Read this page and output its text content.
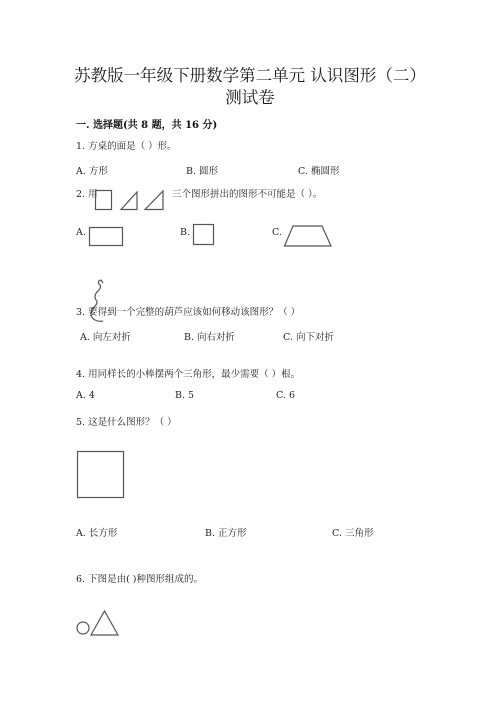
苏教版一年级下册数学第二单元 认识图形（二）
测试卷
一. 选择题(共 8 题，共 16 分)
1. 方桌的面是（ ）形。
A. 方形	B. 圆形	C. 椭圆形
2. 用	三个图形拼出的图形不可能是（ ）。
A.	B.	C.
3. 要得到一个完整的葫芦应该如何移动该图形？（ ）
A. 向左对折	B. 向右对折	C. 向下对折
4. 用同样长的小棒摆两个三角形，最少需要（ ）根。
A. 4	B. 5	C. 6
5. 这是什么图形？（ ）
A. 长方形	B. 正方形	C. 三角形
6. 下图是由( )种图形组成的。
